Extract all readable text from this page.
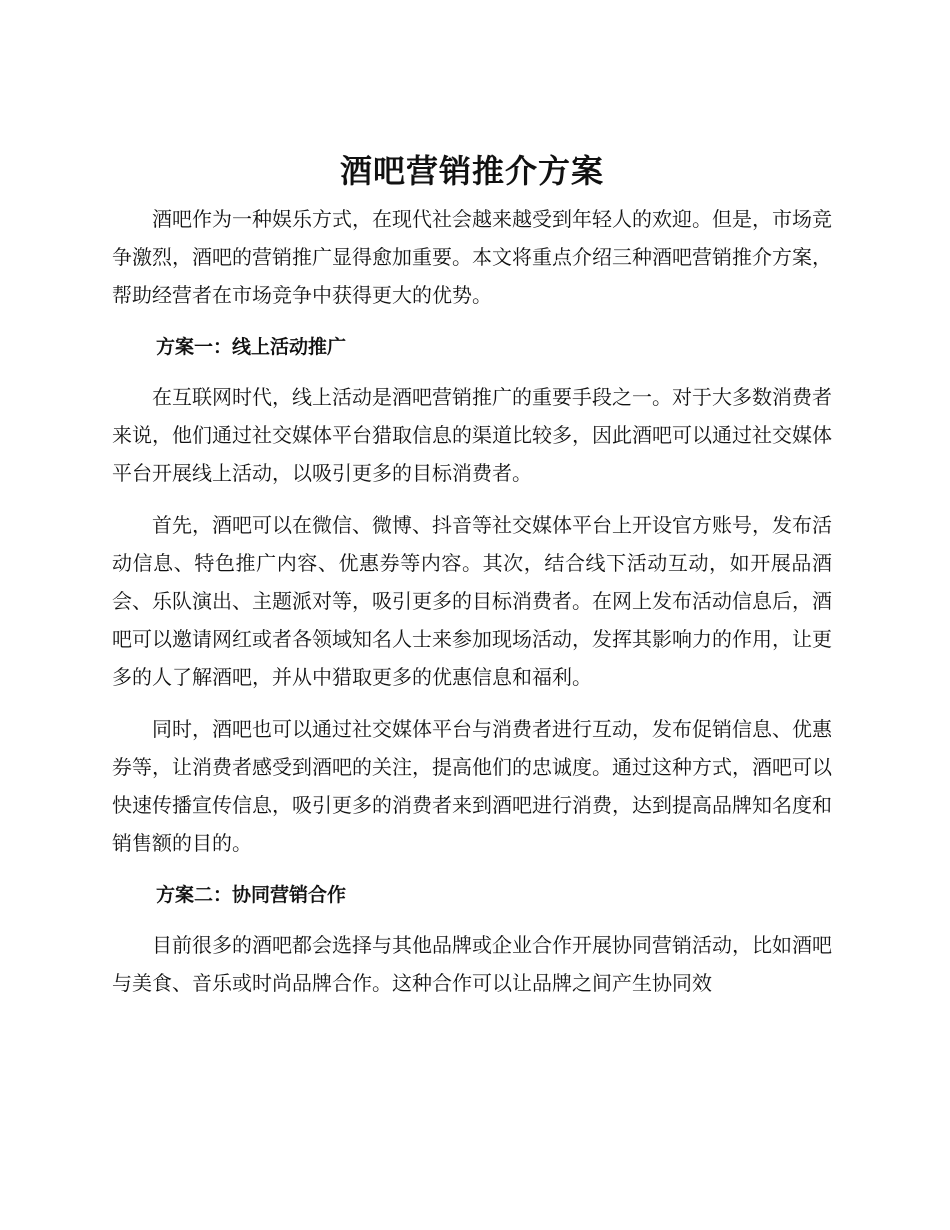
酒吧营销推介方案

酒吧作为一种娱乐方式，在现代社会越来越受到年轻人的欢迎。但是，市场竞争激烈，酒吧的营销推广显得愈加重要。本文将重点介绍三种酒吧营销推介方案，帮助经营者在市场竞争中获得更大的优势。

方案一：线上活动推广

在互联网时代，线上活动是酒吧营销推广的重要手段之一。对于大多数消费者来说，他们通过社交媒体平台猎取信息的渠道比较多，因此酒吧可以通过社交媒体平台开展线上活动，以吸引更多的目标消费者。

首先，酒吧可以在微信、微博、抖音等社交媒体平台上开设官方账号，发布活动信息、特色推广内容、优惠券等内容。其次，结合线下活动互动，如开展品酒会、乐队演出、主题派对等，吸引更多的目标消费者。在网上发布活动信息后，酒吧可以邀请网红或者各领域知名人士来参加现场活动，发挥其影响力的作用，让更多的人了解酒吧，并从中猎取更多的优惠信息和福利。

同时，酒吧也可以通过社交媒体平台与消费者进行互动，发布促销信息、优惠券等，让消费者感受到酒吧的关注，提高他们的忠诚度。通过这种方式，酒吧可以快速传播宣传信息，吸引更多的消费者来到酒吧进行消费，达到提高品牌知名度和销售额的目的。

方案二：协同营销合作

目前很多的酒吧都会选择与其他品牌或企业合作开展协同营销活动，比如酒吧与美食、音乐或时尚品牌合作。这种合作可以让品牌之间产生协同效
